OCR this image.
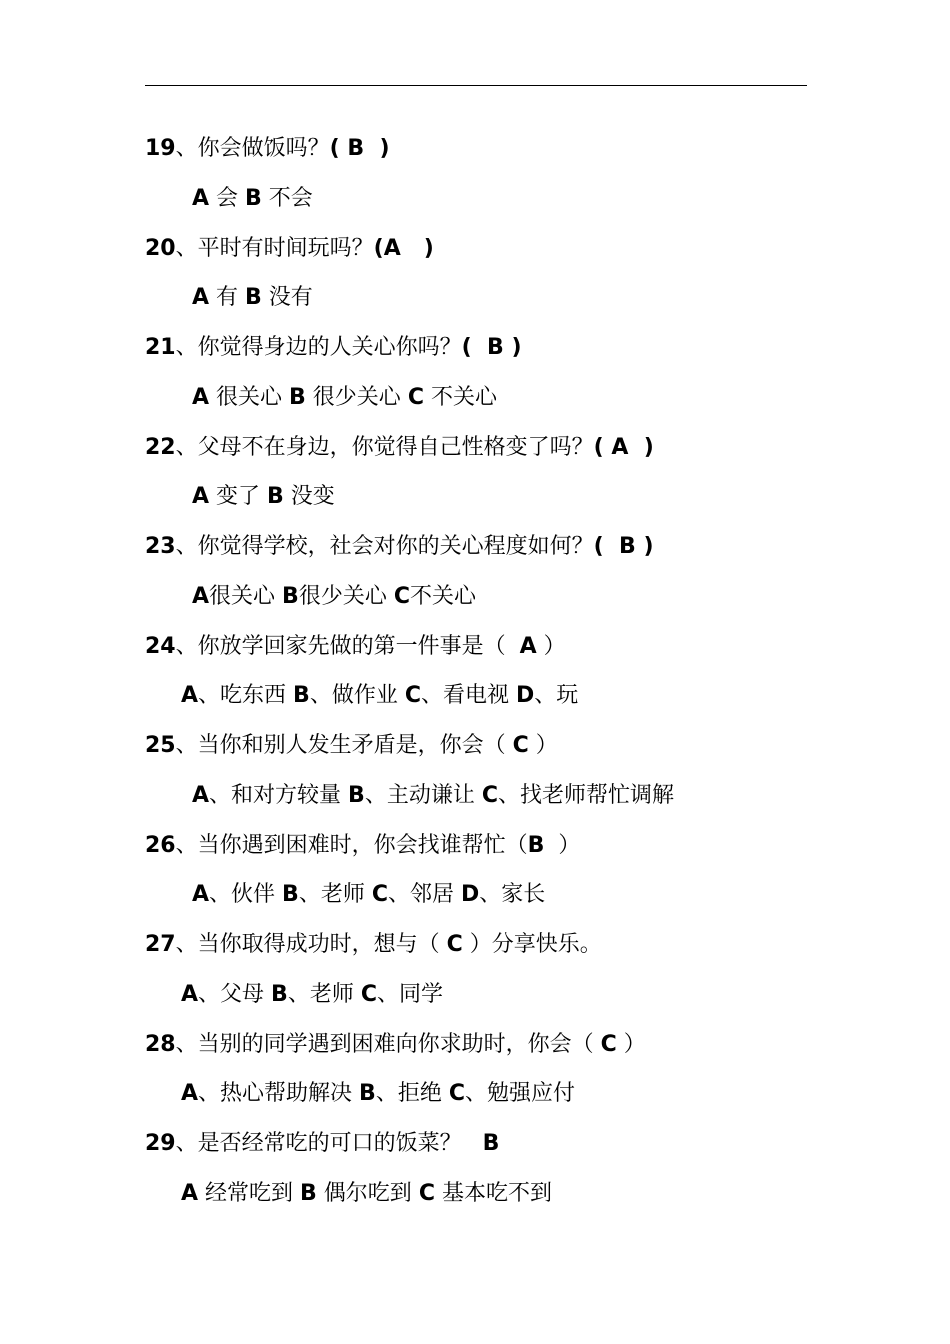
19、你会做饭吗？( B  )
A 会 B 不会
20、平时有时间玩吗？(A   )
A 有 B 没有
21、你觉得身边的人关心你吗？(  B )
A 很关心 B 很少关心 C 不关心
22、父母不在身边，你觉得自己性格变了吗？( A  )
A 变了 B 没变
23、你觉得学校，社会对你的关心程度如何？(  B )
A很关心 B很少关心 C不关心
24、你放学回家先做的第一件事是（  A ）
A、吃东西 B、做作业 C、看电视 D、玩
25、当你和别人发生矛盾是，你会（ C ）
A、和对方较量 B、主动谦让 C、找老师帮忙调解
26、当你遇到困难时，你会找谁帮忙（B  ）
A、伙伴 B、老师 C、邻居 D、家长
27、当你取得成功时，想与（ C ）分享快乐。
A、父母 B、老师 C、同学
28、当别的同学遇到困难向你求助时，你会（ C ）
A、热心帮助解决 B、拒绝 C、勉强应付
29、是否经常吃的可口的饭菜？   B
A 经常吃到 B 偶尔吃到 C 基本吃不到
